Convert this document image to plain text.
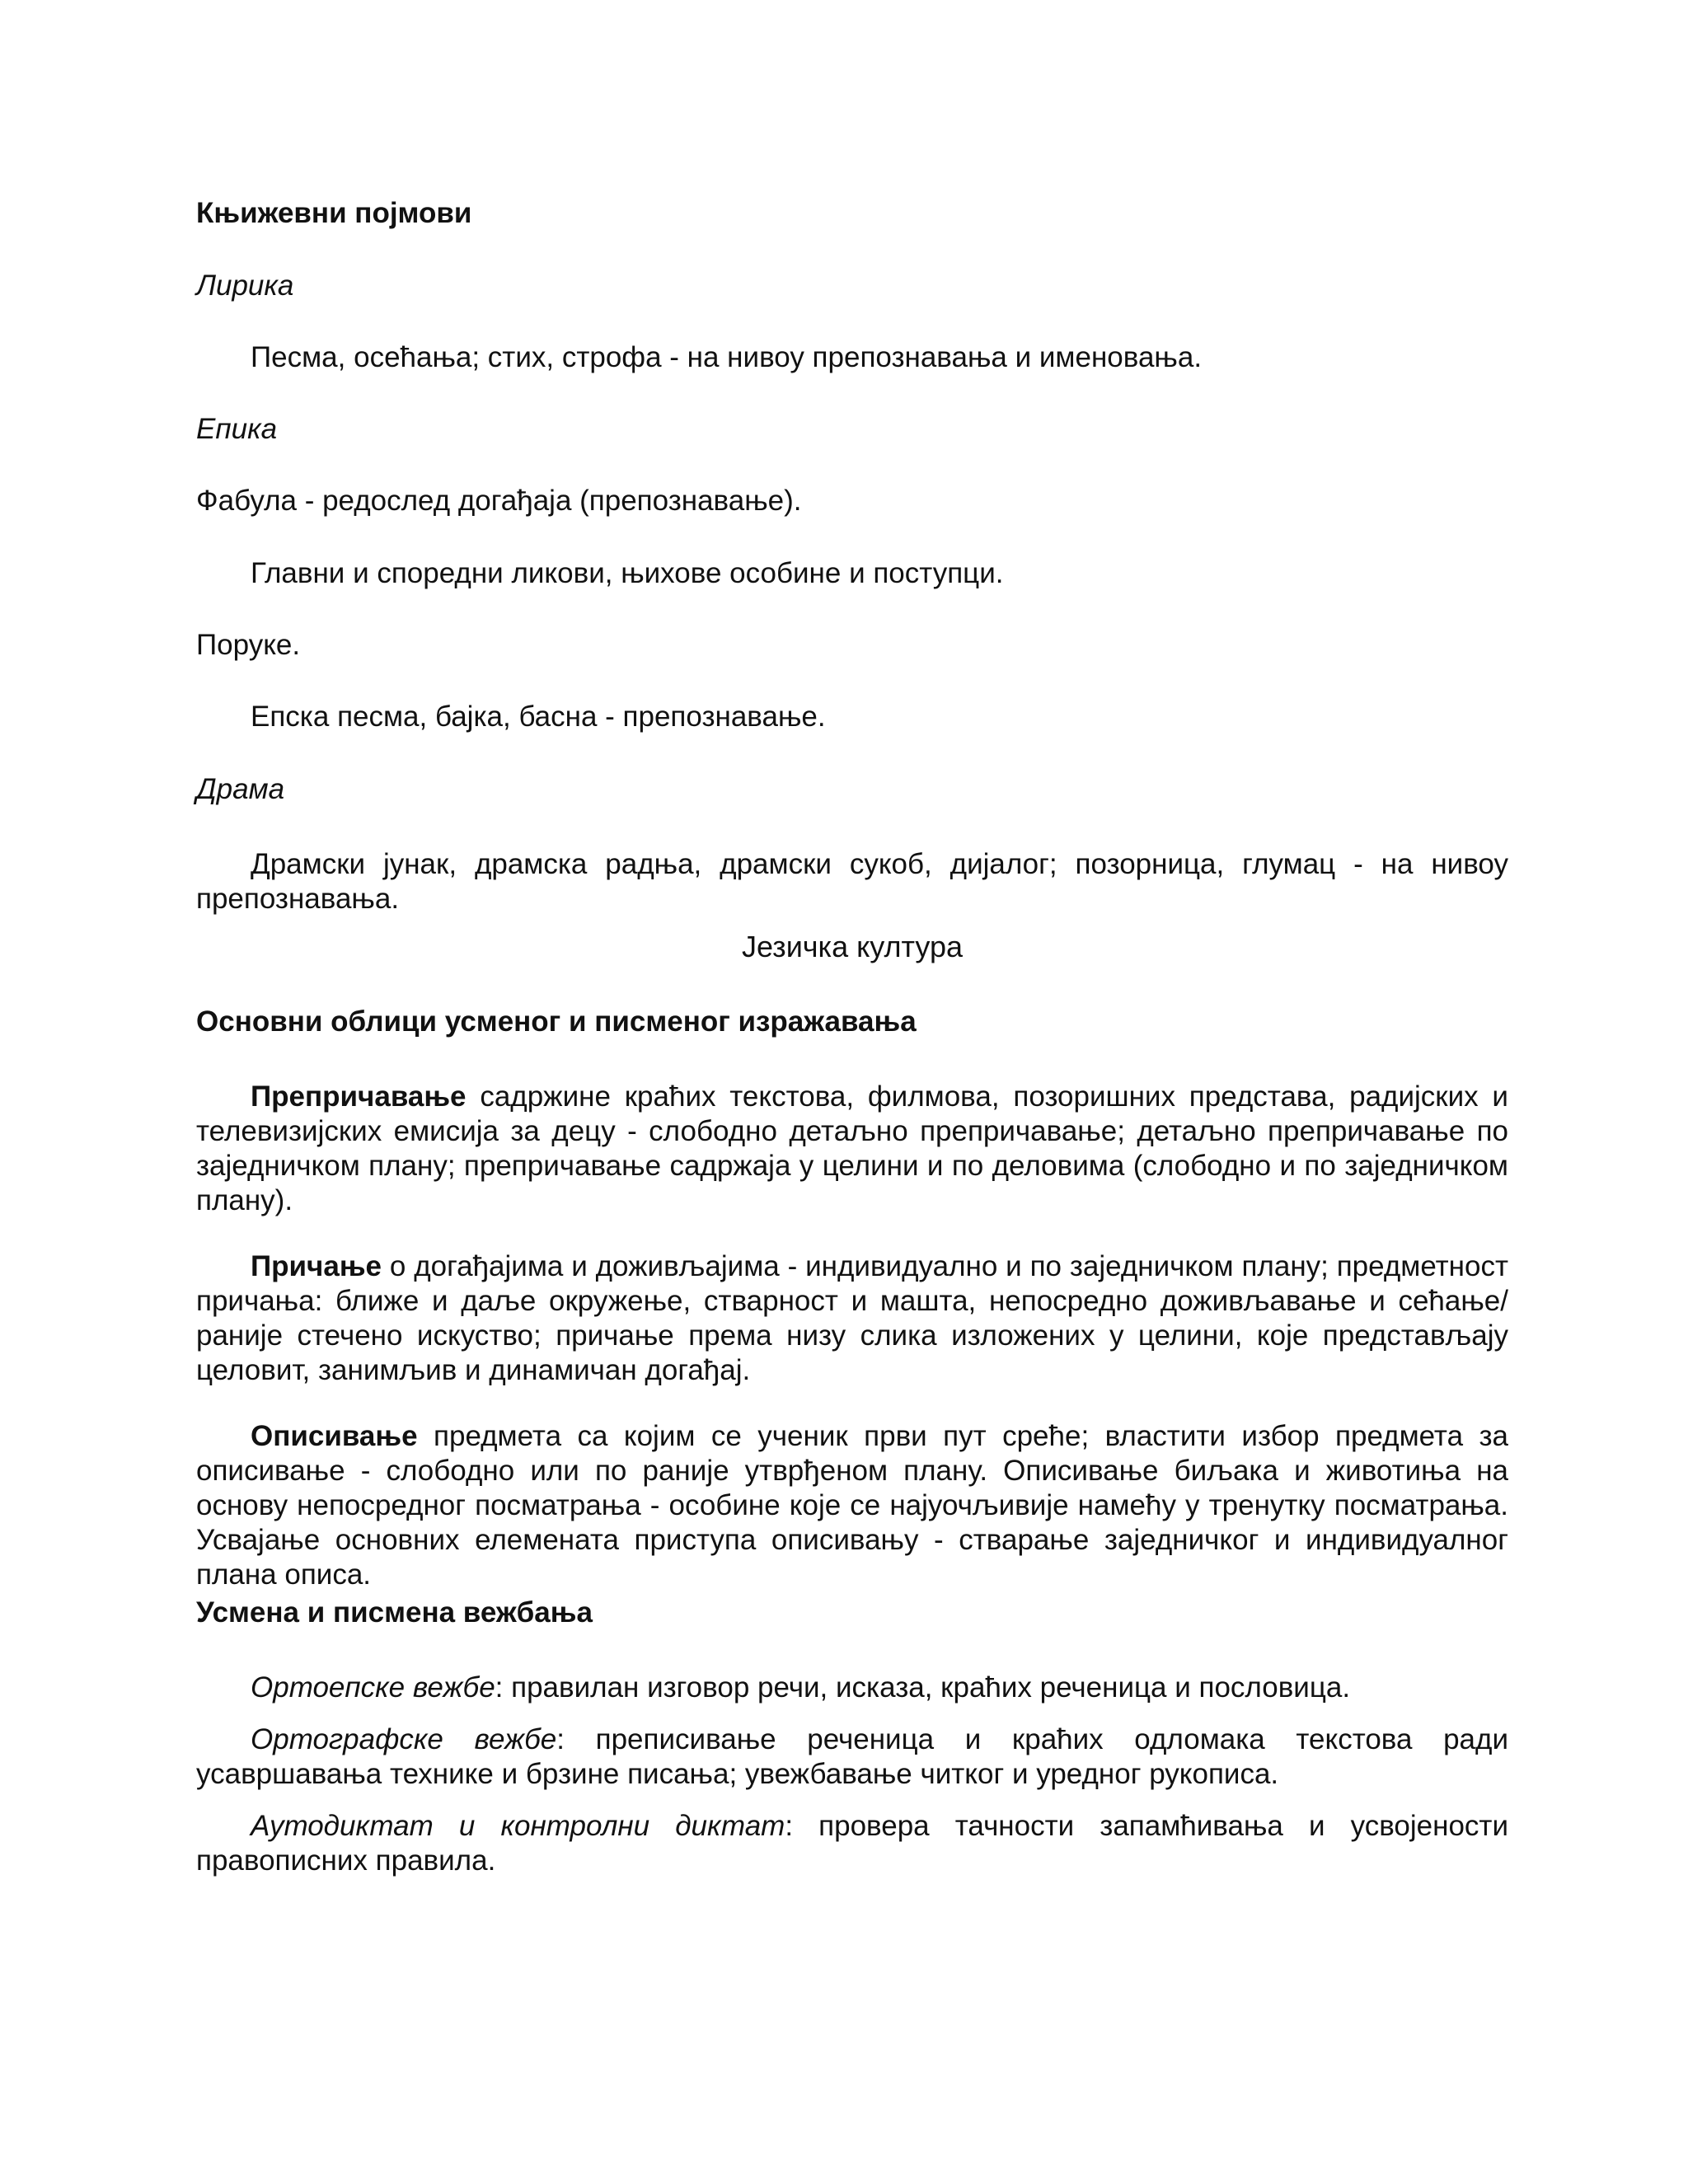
Књижевни појмови

Лирика

Песма, осећања; стих, строфа - на нивоу препознавања и именовања.

Епика

Фабула - редослед догађаја (препознавање).

Главни и споредни ликови, њихове особине и поступци.

Поруке.

Епска песма, бајка, басна - препознавање.

Драма

Драмски јунак, драмска радња, драмски сукоб, дијалог; позорница, глумац - на нивоу препознавања.

Језичка култура

Основни облици усменог и писменог изражавања

Препричавање садржине краћих текстова, филмова, позоришних представа, радијских и телевизијских емисија за децу - слободно детаљно препричавање; детаљно препричавање по заједничком плану; препричавање садржаја у целини и по деловима (слободно и по заједничком плану).

Причање о догађајима и доживљајима - индивидуално и по заједничком плану; предметност причања: ближе и даље окружење, стварност и машта, непосредно доживљавање и сећање/раније стечено искуство; причање према низу слика изложених у целини, које представљају целовит, занимљив и динамичан догађај.

Описивање предмета са којим се ученик први пут среће; властити избор предмета за описивање - слободно или по раније утврђеном плану. Описивање биљака и животиња на основу непосредног посматрања - особине које се најуочљивије намећу у тренутку посматрања. Усвајање основних елемената приступа описивању - стварање заједничког и индивидуалног плана описа.

Усмена и писмена вежбања

Ортоепске вежбе: правилан изговор речи, исказа, краћих реченица и пословица.

Ортографске вежбе: преписивање реченица и краћих одломака текстова ради усавршавања технике и брзине писања; увежбавање читког и уредног рукописа.

Аутодиктат и контролни диктат: провера тачности запамћивања и усвојености правописних правила.
